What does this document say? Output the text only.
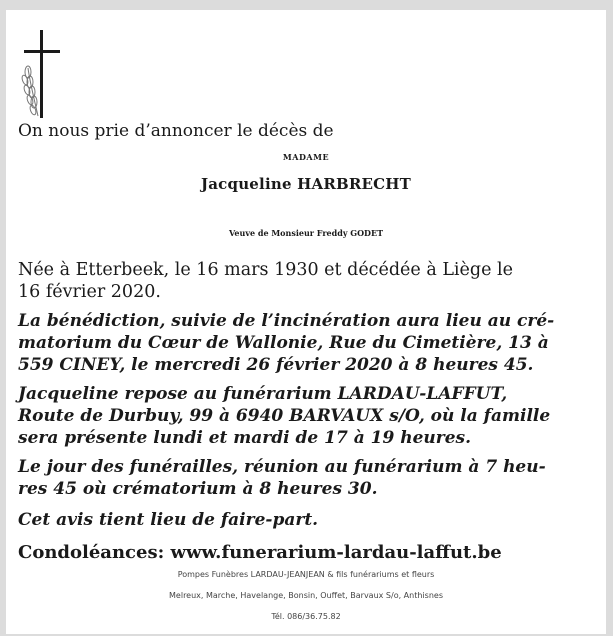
On nous prie d’annoncer le décès de
MADAME
Jacqueline HARBRECHT
Veuve de Monsieur Freddy GODET
Née à Etterbeek, le 16 mars 1930 et décédée à Liège le
16 février 2020.
La bénédiction, suivie de l’incinération aura lieu au cré-
matorium du Cœur de Wallonie, Rue du Cimetière, 13 à
559 CINEY, le mercredi 26 février 2020 à 8 heures 45.
Jacqueline repose au funérarium LARDAU-LAFFUT,
Route de Durbuy, 99 à 6940 BARVAUX s/O, où la famille
sera présente lundi et mardi de 17 à 19 heures.
Le jour des funérailles, réunion au funérarium à 7 heu-
res 45 où crématorium à 8 heures 30.
Cet avis tient lieu de faire-part.
Condoléances: www.funerarium-lardau-laffut.be
Pompes Funèbres LARDAU-JEANJEAN & fils funérariums et fleurs
Melreux, Marche, Havelange, Bonsin, Ouffet, Barvaux S/o, Anthisnes
Tél. 086/36.75.82
